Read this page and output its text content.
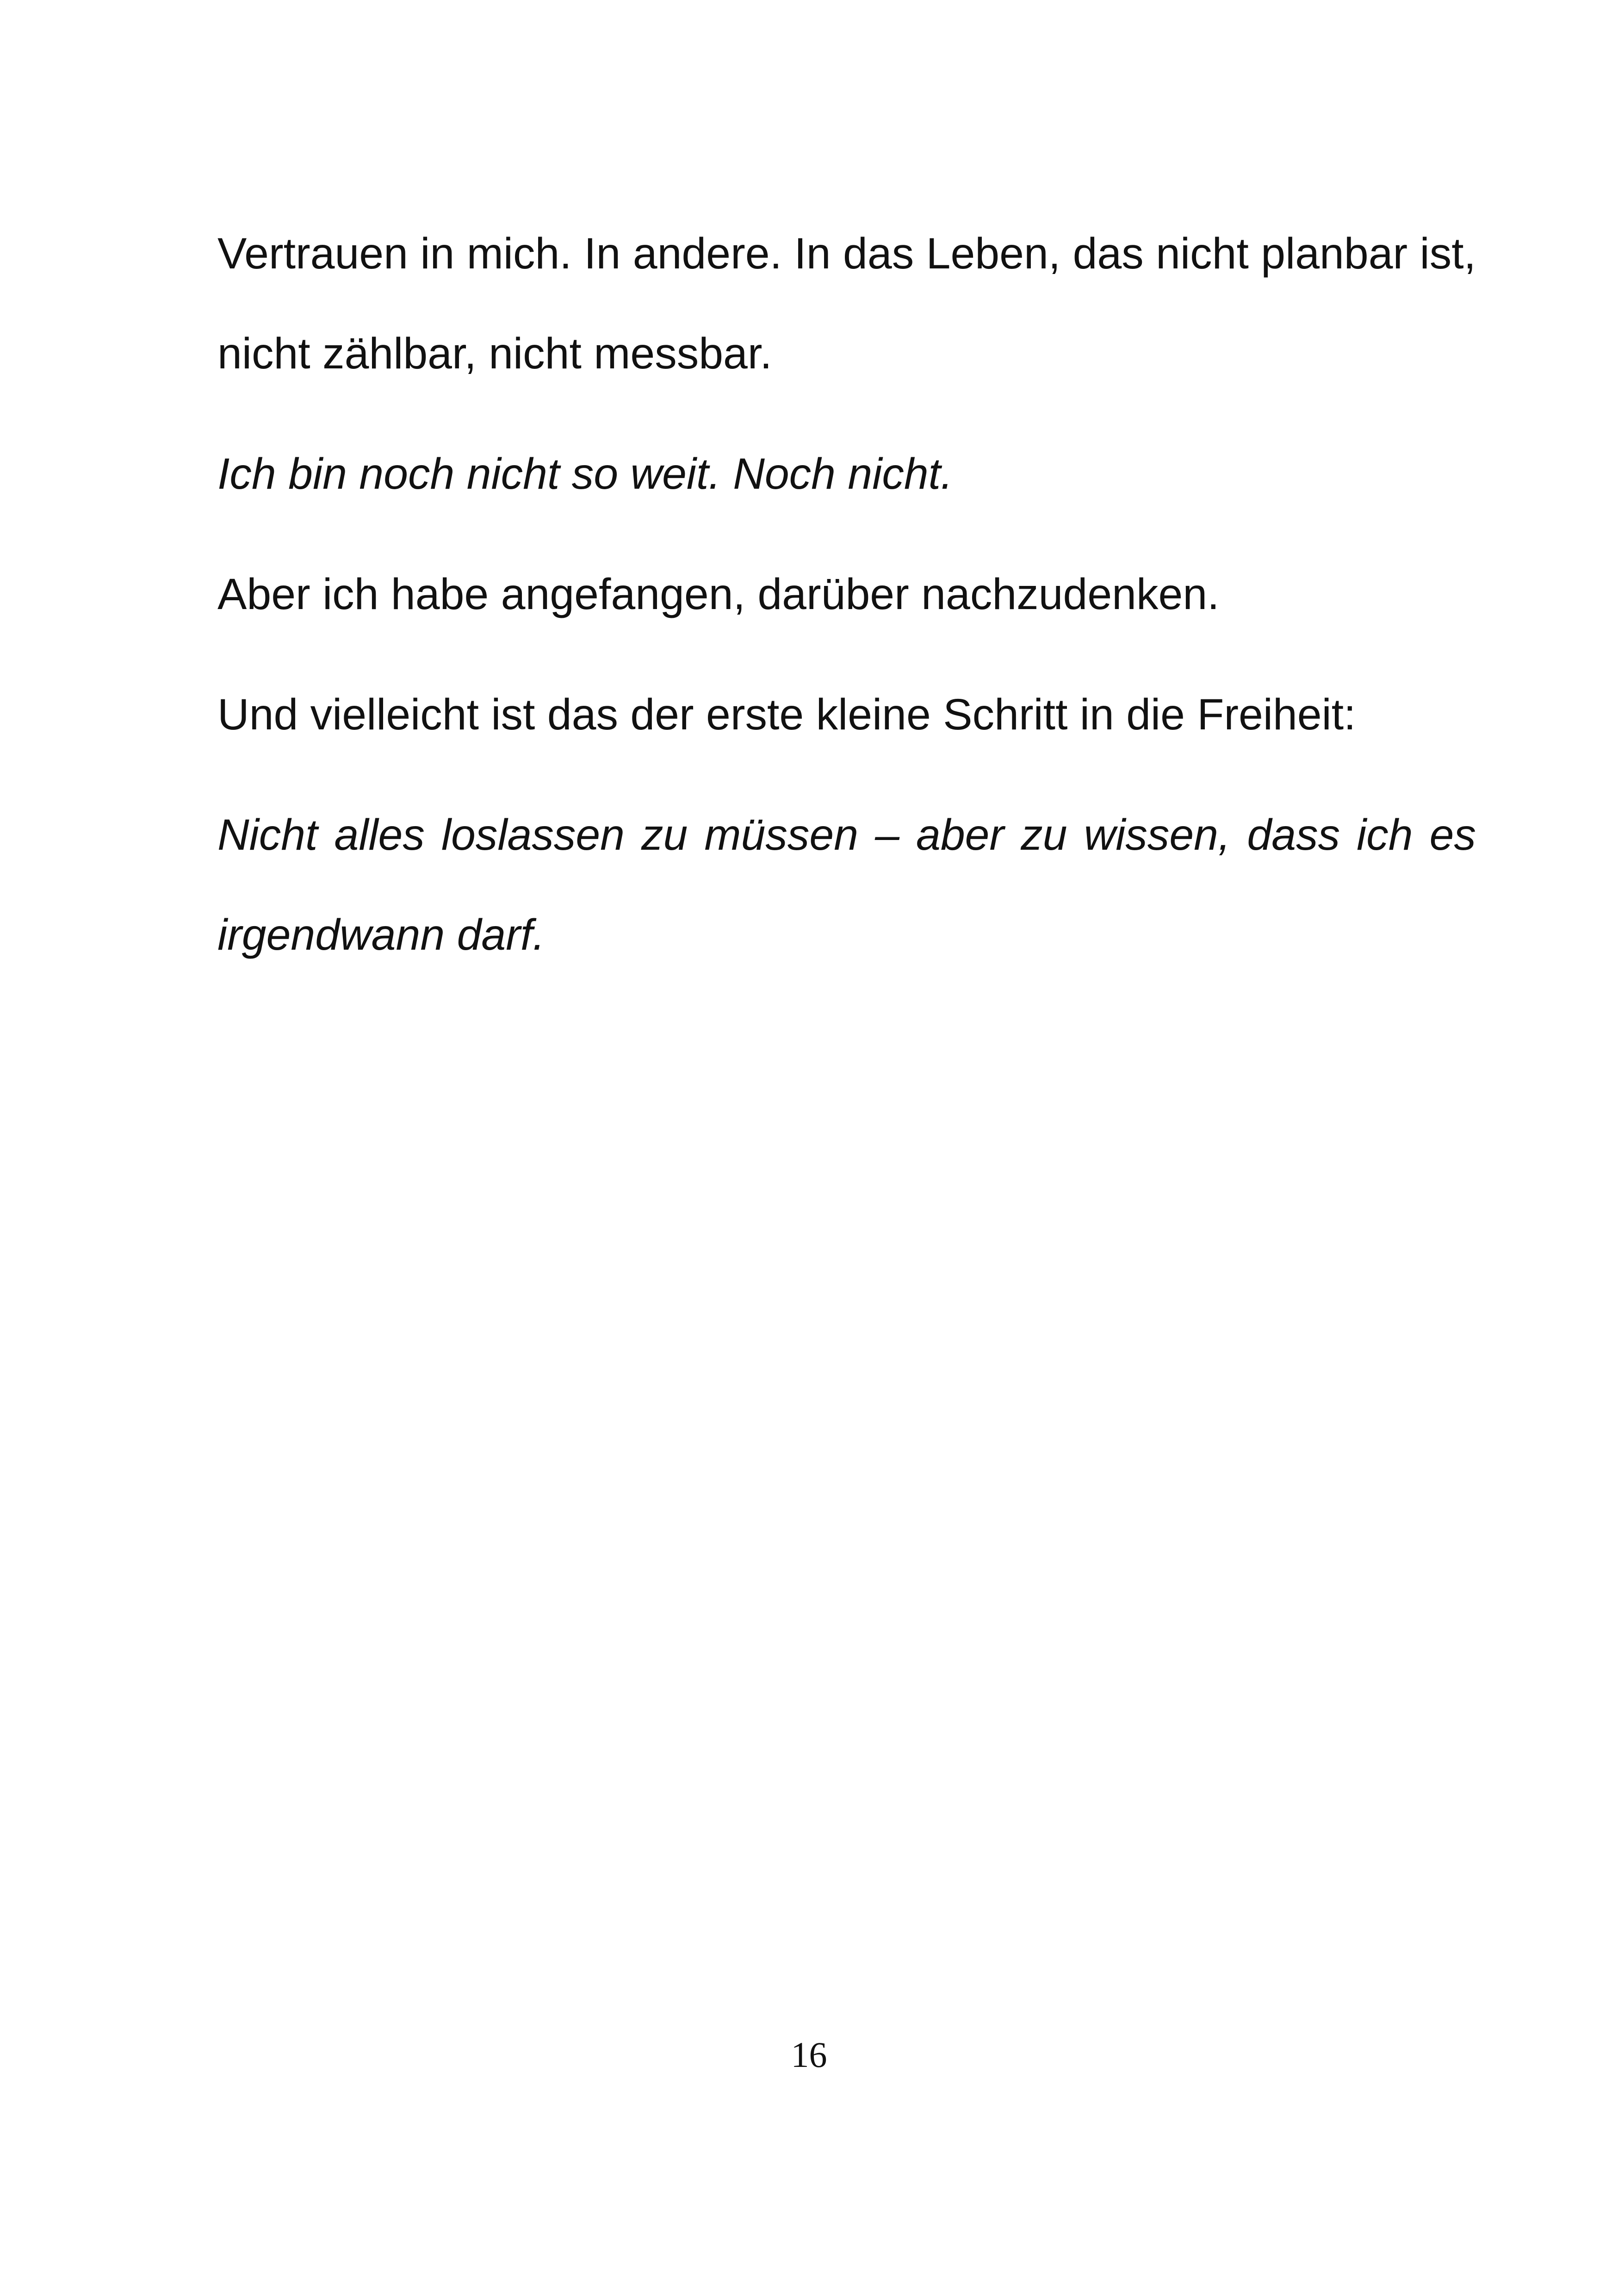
Vertrauen in mich. In andere. In das Leben, das nicht planbar ist, nicht zählbar, nicht messbar.

Ich bin noch nicht so weit. Noch nicht.

Aber ich habe angefangen, darüber nachzudenken.

Und vielleicht ist das der erste kleine Schritt in die Freiheit:

Nicht alles loslassen zu müssen – aber zu wissen, dass ich es irgendwann darf.

16
